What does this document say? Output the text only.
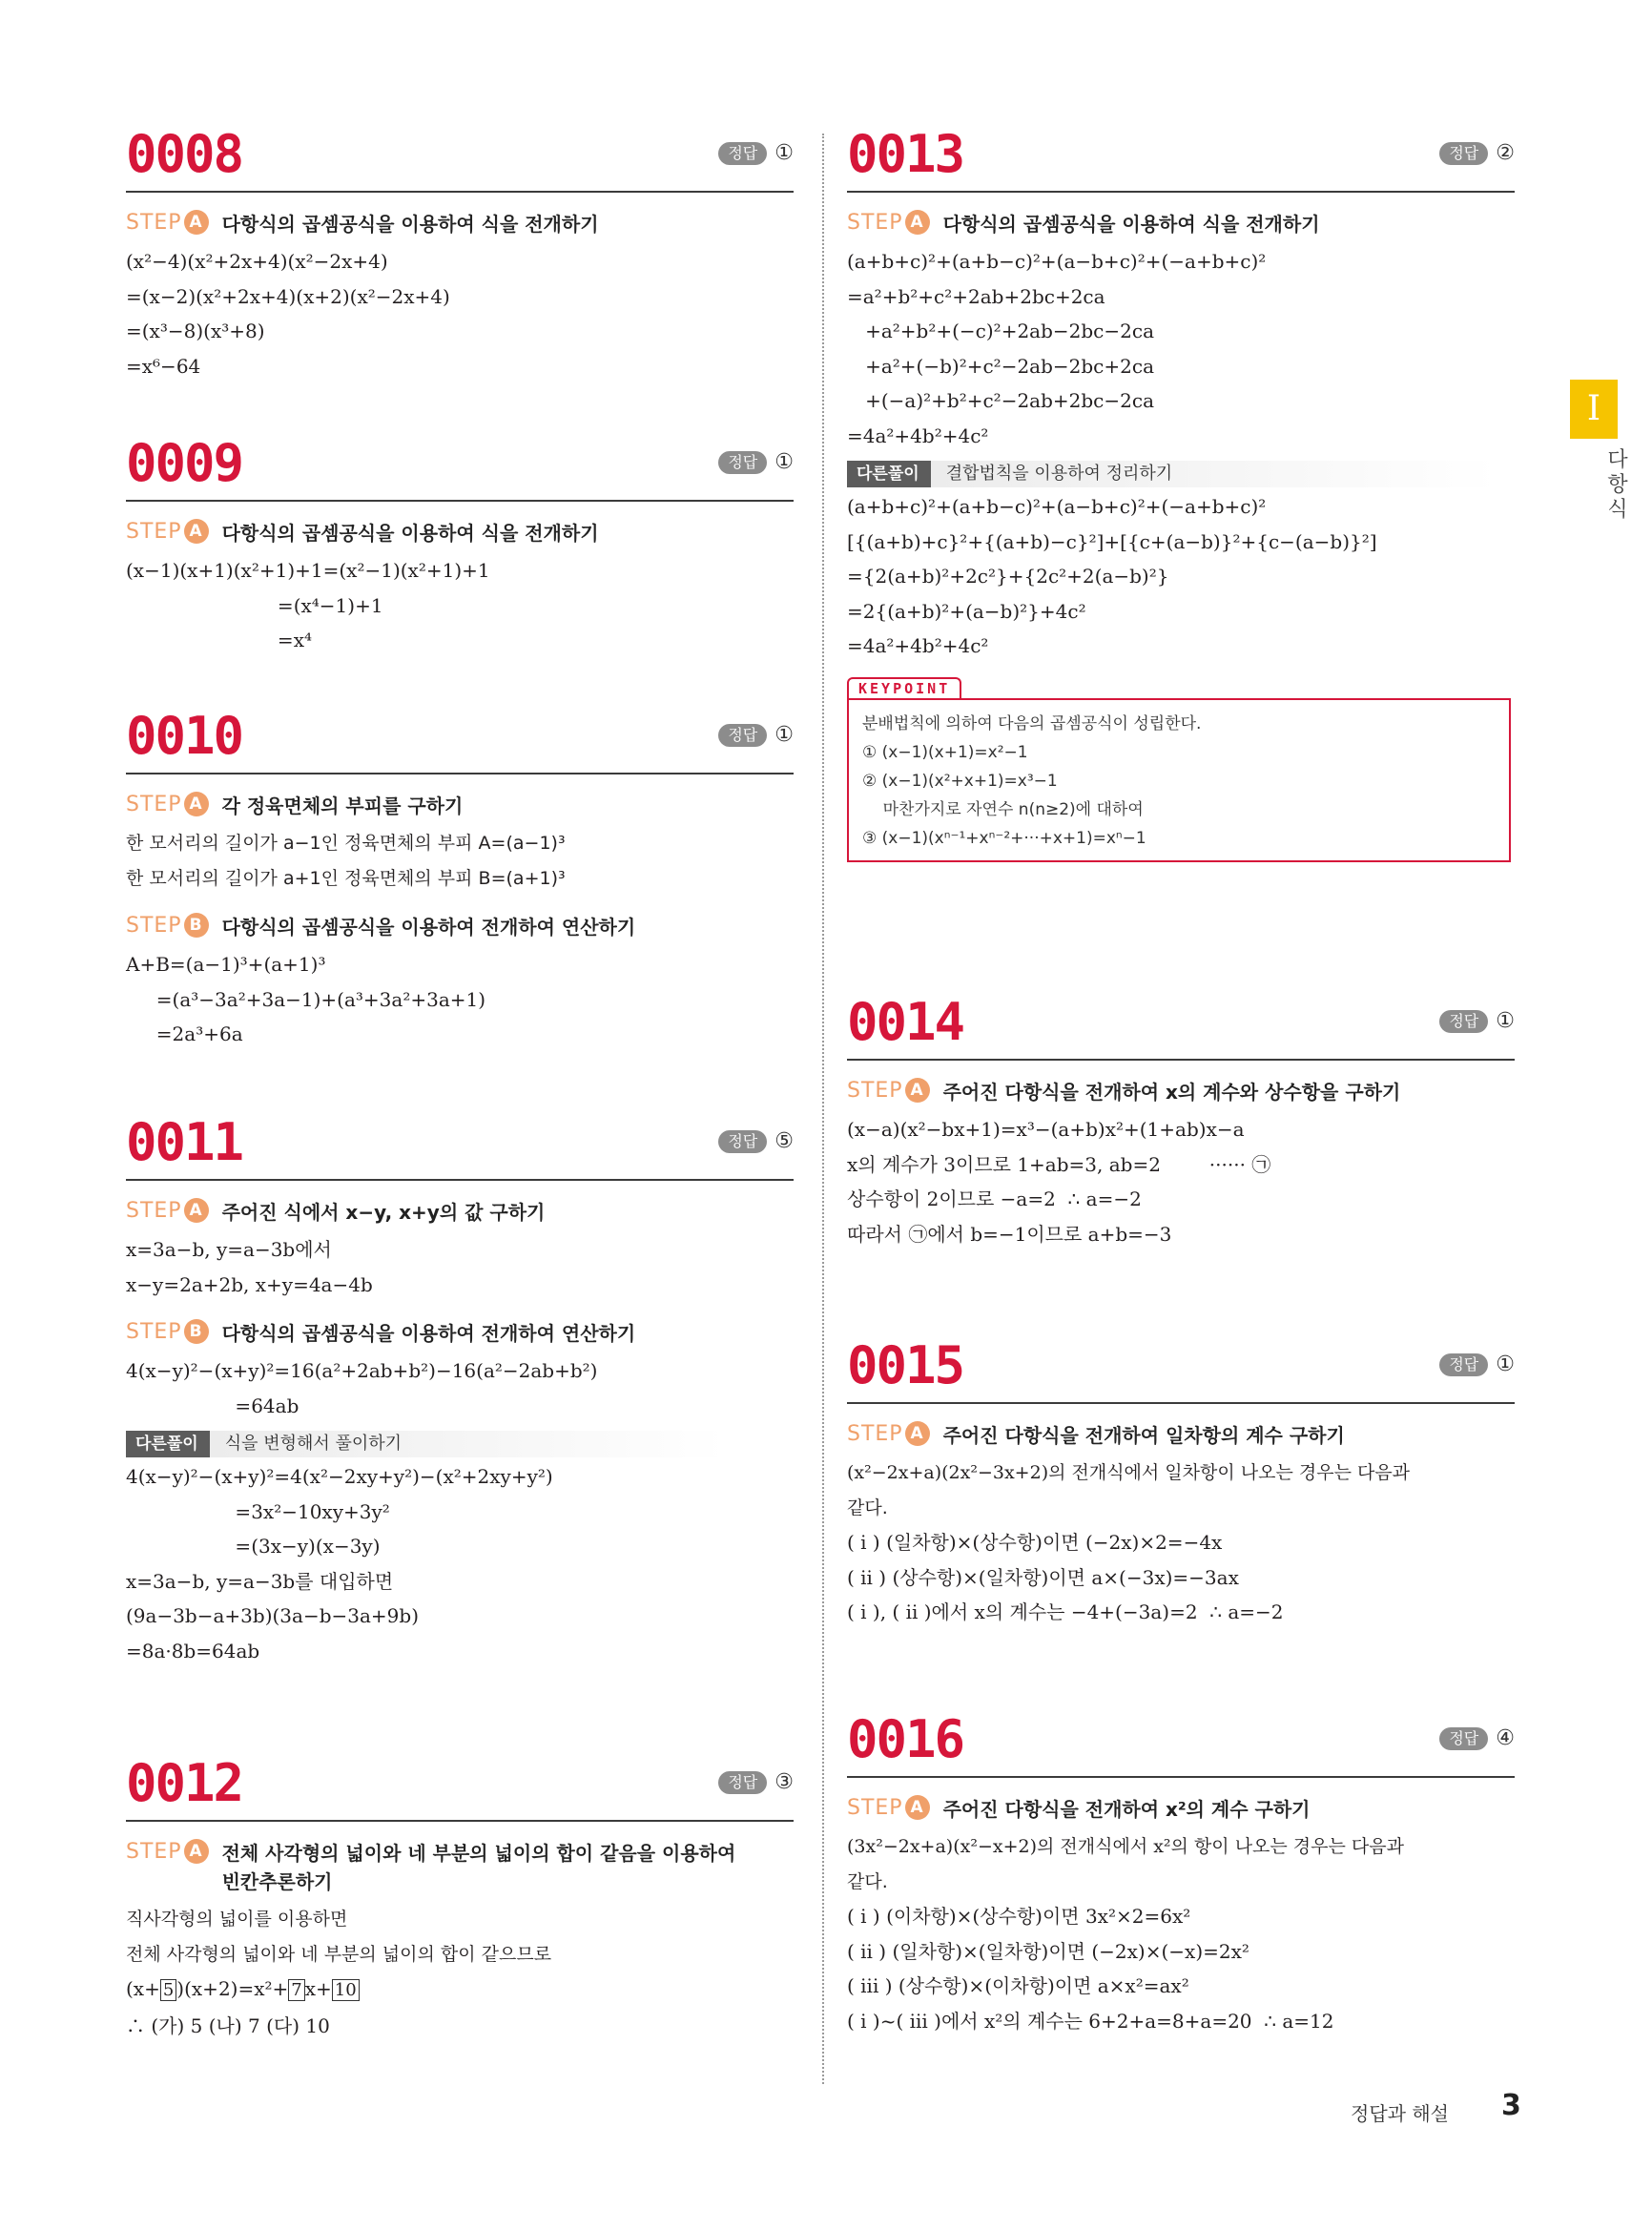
0008	정답 ①
STEP A 다항식의 곱셈공식을 이용하여 식을 전개하기
(x²−4)(x²+2x+4)(x²−2x+4)
=(x−2)(x²+2x+4)(x+2)(x²−2x+4)
=(x³−8)(x³+8)
=x⁶−64
0009	정답 ①
STEP A 다항식의 곱셈공식을 이용하여 식을 전개하기
(x−1)(x+1)(x²+1)+1=(x²−1)(x²+1)+1
=(x⁴−1)+1
=x⁴
0010	정답 ①
STEP A 각 정육면체의 부피를 구하기
한 모서리의 길이가 a−1인 정육면체의 부피 A=(a−1)³
한 모서리의 길이가 a+1인 정육면체의 부피 B=(a+1)³
STEP B	다항식의 곱셈공식을 이용하여 전개하여 연산하기
A+B=(a−1)³+(a+1)³
=(a³−3a²+3a−1)+(a³+3a²+3a+1)
=2a³+6a
0011	정답 ⑤
STEP A 주어진 식에서 x−y, x+y의 값 구하기
x=3a−b, y=a−3b에서
x−y=2a+2b, x+y=4a−4b
STEP B	다항식의 곱셈공식을 이용하여 전개하여 연산하기
4(x−y)²−(x+y)²=16(a²+2ab+b²)−16(a²−2ab+b²)
=64ab
다른풀이	식을 변형해서 풀이하기
4(x−y)²−(x+y)²=4(x²−2xy+y²)−(x²+2xy+y²)
=3x²−10xy+3y²
=(3x−y)(x−3y)
x=3a−b, y=a−3b를 대입하면
(9a−3b−a+3b)(3a−b−3a+9b)
=8a·8b=64ab
0012	정답 ③
STEP A 전체 사각형의 넓이와 네 부분의 넓이의 합이 같음을 이용하여
빈칸추론하기
직사각형의 넓이를 이용하면
전체 사각형의 넓이와 네 부분의 넓이의 합이 같으므로
(x+ 5 )(x+2)=x²+ 7 x+ 10
∴ (가) 5 (나) 7 (다) 10
0013	정답 ②
STEP A 다항식의 곱셈공식을 이용하여 식을 전개하기
(a+b+c)²+(a+b−c)²+(a−b+c)²+(−a+b+c)²
=a²+b²+c²+2ab+2bc+2ca
+a²+b²+(−c)²+2ab−2bc−2ca
+a²+(−b)²+c²−2ab−2bc+2ca
+(−a)²+b²+c²−2ab+2bc−2ca
=4a²+4b²+4c²
다른풀이	결합법칙을 이용하여 정리하기
(a+b+c)²+(a+b−c)²+(a−b+c)²+(−a+b+c)²
[{(a+b)+c}²+{(a+b)−c}²]+[{c+(a−b)}²+{c−(a−b)}²]
={2(a+b)²+2c²}+{2c²+2(a−b)²}
=2{(a+b)²+(a−b)²}+4c²
=4a²+4b²+4c²
KEYPOINT
분배법칙에 의하여 다음의 곱셈공식이 성립한다.
① (x−1)(x+1)=x²−1
② (x−1)(x²+x+1)=x³−1
마찬가지로 자연수 n(n≥2)에 대하여
③ (x−1)(xⁿ⁻¹+xⁿ⁻²+···+x+1)=xⁿ−1
0014	정답 ①
STEP A 주어진 다항식을 전개하여 x의 계수와 상수항을 구하기
(x−a)(x²−bx+1)=x³−(a+b)x²+(1+ab)x−a
x의 계수가 3이므로 1+ab=3, ab=2        ······ ㉠
상수항이 2이므로 −a=2  ∴ a=−2
따라서 ㉠에서 b=−1이므로 a+b=−3
0015	정답 ①
STEP A 주어진 다항식을 전개하여 일차항의 계수 구하기
(x²−2x+a)(2x²−3x+2)의 전개식에서 일차항이 나오는 경우는 다음과
같다.
( i ) (일차항)×(상수항)이면 (−2x)×2=−4x
( ii ) (상수항)×(일차항)이면 a×(−3x)=−3ax
( i ), ( ii )에서 x의 계수는 −4+(−3a)=2  ∴ a=−2
0016	정답 ④
STEP A 주어진 다항식을 전개하여 x²의 계수 구하기
(3x²−2x+a)(x²−x+2)의 전개식에서 x²의 항이 나오는 경우는 다음과
같다.
( i ) (이차항)×(상수항)이면 3x²×2=6x²
( ii ) (일차항)×(일차항)이면 (−2x)×(−x)=2x²
( iii ) (상수항)×(이차항)이면 a×x²=ax²
( i )~( iii )에서 x²의 계수는 6+2+a=8+a=20  ∴ a=12
I
다항식
정답과 해설 3
